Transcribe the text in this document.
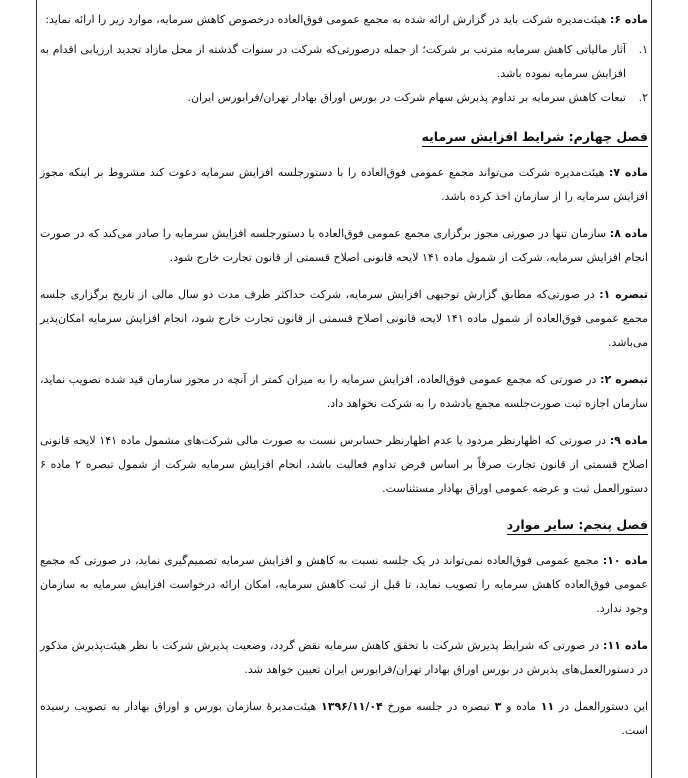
ماده ۶: هیئت‌مدیره شرکت باید در گزارش ارائه شده به مجمع عمومی فوق‌العاده درخصوص کاهش سرمایه، موارد زیر را ارائه نماید:

۱.
آثار مالیاتی کاهش سرمایه مترتب بر شرکت؛ از جمله درصورتی‌که شرکت در سنوات گذشته از محل مازاد تجدید ارزیابی اقدام به افزایش سرمایه نموده باشد.
۲.
تبعات کاهش سرمایه بر تداوم پذیرش سهام شرکت در بورس اوراق بهادار تهران/فرابورس ایران.
فصل چهارم: شرایط افزایش سرمایه

ماده ۷: هیئت‌مدیره شرکت می‌تواند مجمع عمومی فوق‌العاده را با دستورجلسه افزایش سرمایه دعوت کند مشروط بر اینکه مجوز افزایش سرمایه را از سازمان اخذ کرده باشد.

ماده ۸: سازمان تنها در صورتی مجوز برگزاری مجمع عمومی فوق‌العاده با دستورجلسه افزایش سرمایه را صادر می‌کند که در صورت انجام افزایش سرمایه، شرکت از شمول ماده ۱۴۱ لایحه قانونی اصلاح قسمتی از قانون تجارت خارج شود.

تبصره ۱: در صورتی‌که مطابق گزارش توجیهی افزایش سرمایه، شرکت حداکثر ظرف مدت دو سال مالی از تاریخ برگزاری جلسه مجمع عمومی فوق‌العاده از شمول ماده ۱۴۱ لایحه قانونی اصلاح قسمتی از قانون تجارت خارج شود، انجام افزایش سرمایه امکان‌پذیر می‌باشد.

تبصره ۲: در صورتی که مجمع عمومی فوق‌العاده، افزایش سرمایه را به میزان کمتر از آنچه در مجوز سازمان قید شده تصویب نماید، سازمان اجازه ثبت صورت‌جلسه مجمع یادشده را به شرکت نخواهد داد.

ماده ۹: در صورتی که اظهارنظر مردود یا عدم اظهارنظر حسابرس نسبت به صورت مالی شرکت‌های مشمول ماده ۱۴۱ لایحه قانونی اصلاح قسمتی از قانون تجارت صرفاً بر اساس فرض تداوم فعالیت باشد، انجام افزایش سرمایه شرکت از شمول تبصره ۲ ماده ۶ دستورالعمل ثبت و عرضه عمومی اوراق بهادار مستثناست.

فصل پنجم: سایر موارد

ماده ۱۰: مجمع عمومی فوق‌العاده نمی‌تواند در یک جلسه نسبت به کاهش و افزایش سرمایه تصمیم‌گیری نماید، در صورتی که مجمع عمومی فوق‌العاده کاهش سرمایه را تصویب نماید، تا قبل از ثبت کاهش سرمایه، امکان ارائه درخواست افزایش سرمایه به سازمان وجود ندارد.

ماده ۱۱: در صورتی که شرایط پذیرش شرکت با تحقق کاهش سرمایه نقض گردد، وضعیت پذیرش شرکت با نظر هیئت‌پذیرش مذکور در دستورالعمل‌های پذیرش در بورس اوراق بهادار تهران/فرابورس ایران تعیین خواهد شد.

این دستورالعمل در ۱۱ ماده و ۳ تبصره در جلسه مورخ ۱۳۹۶/۱۱/۰۴ هیئت‌مدیرۀ سازمان بورس و اوراق بهادار به تصویب رسیده است.
